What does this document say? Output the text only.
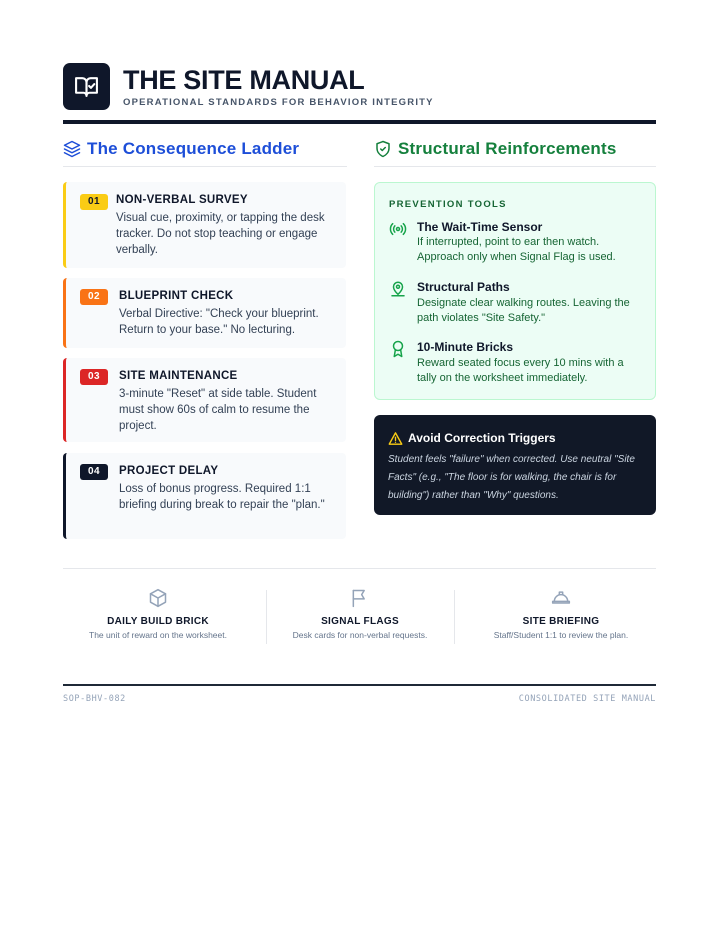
THE SITE MANUAL
OPERATIONAL STANDARDS FOR BEHAVIOR INTEGRITY
The Consequence Ladder	Structural Reinforcements
01	NON-VERBAL SURVEY
Visual cue, proximity, or tapping the desk tracker. Do not stop teaching or engage verbally.
02	BLUEPRINT CHECK
Verbal Directive: "Check your blueprint. Return to your base." No lecturing.
03	SITE MAINTENANCE
3-minute "Reset" at side table. Student must show 60s of calm to resume the project.
04	PROJECT DELAY
Loss of bonus progress. Required 1:1 briefing during break to repair the "plan."
PREVENTION TOOLS
The Wait-Time Sensor
If interrupted, point to ear then watch. Approach only when Signal Flag is used.
Structural Paths
Designate clear walking routes. Leaving the path violates "Site Safety."
10-Minute Bricks
Reward seated focus every 10 mins with a tally on the worksheet immediately.
Avoid Correction Triggers
Student feels "failure" when corrected. Use neutral "Site Facts" (e.g., "The floor is for walking, the chair is for building") rather than "Why" questions.
DAILY BUILD BRICK
The unit of reward on the worksheet.
SIGNAL FLAGS
Desk cards for non-verbal requests.
SITE BRIEFING
Staff/Student 1:1 to review the plan.
SOP-BHV-082	CONSOLIDATED SITE MANUAL
